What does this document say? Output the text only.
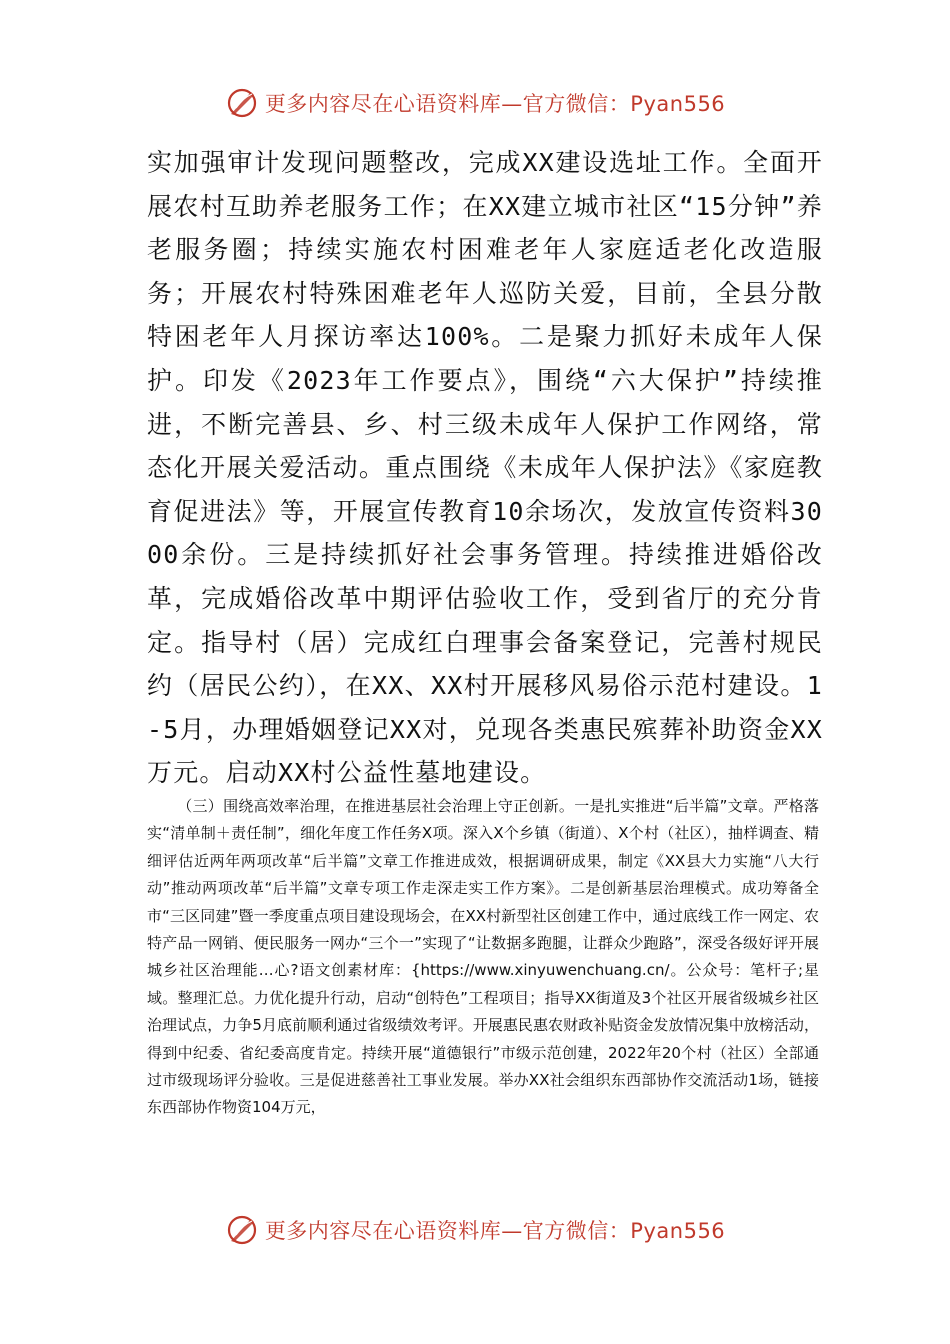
更多内容尽在心语资料库—官方微信：Pyan556

实加强审计发现问题整改，完成XX建设选址工作。全面开展农村互助养老服务工作；在XX建立城市社区“15分钟”养老服务圈；持续实施农村困难老年人家庭适老化改造服务；开展农村特殊困难老年人巡防关爱，目前，全县分散特困老年人月探访率达100%。二是聚力抓好未成年人保护。印发《2023年工作要点》，围绕“六大保护”持续推进，不断完善县、乡、村三级未成年人保护工作网络，常态化开展关爱活动。重点围绕《未成年人保护法》《家庭教育促进法》等，开展宣传教育10余场次，发放宣传资料3000余份。三是持续抓好社会事务管理。持续推进婚俗改革，完成婚俗改革中期评估验收工作，受到省厅的充分肯定。指导村（居）完成红白理事会备案登记，完善村规民约（居民公约），在XX、XX村开展移风易俗示范村建设。1-5月，办理婚姻登记XX对，兑现各类惠民殡葬补助资金XX万元。启动XX村公益性墓地建设。

（三）围绕高效率治理，在推进基层社会治理上守正创新。一是扎实推进“后半篇”文章。严格落实“清单制＋责任制”，细化年度工作任务X项。深入X个乡镇（街道）、X个村（社区），抽样调查、精细评估近两年两项改革“后半篇”文章工作推进成效，根据调研成果，制定《XX县大力实施“八大行动”推动两项改革“后半篇”文章专项工作走深走实工作方案》。二是创新基层治理模式。成功筹备全市“三区同建”暨一季度重点项目建设现场会，在XX村新型社区创建工作中，通过底线工作一网定、农特产品一网销、便民服务一网办“三个一”实现了“让数据多跑腿，让群众少跑路”，深受各级好评开展城乡社区治理能…心?语文创素材库：{https://www.xinyuwenchuang.cn/。公众号：笔杆子;星域。整理汇总。力优化提升行动，启动“创特色”工程项目；指导XX街道及3个社区开展省级城乡社区治理试点，力争5月底前顺利通过省级绩效考评。开展惠民惠农财政补贴资金发放情况集中放榜活动，得到中纪委、省纪委高度肯定。持续开展“道德银行”市级示范创建，2022年20个村（社区）全部通过市级现场评分验收。三是促进慈善社工事业发展。举办XX社会组织东西部协作交流活动1场，链接东西部协作物资104万元，

更多内容尽在心语资料库—官方微信：Pyan556
